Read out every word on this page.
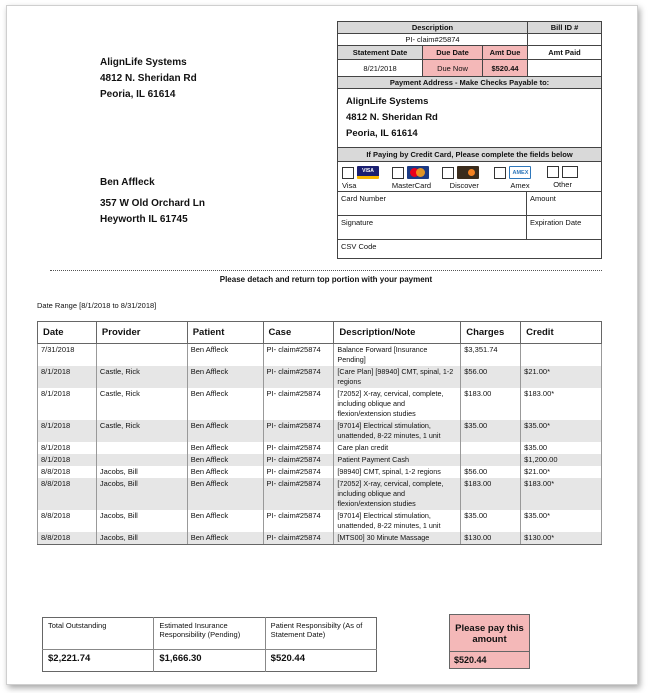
AlignLife Systems
4812 N. Sheridan Rd
Peoria, IL 61614
Ben Affleck
357 W Old Orchard Ln
Heyworth IL 61745
Description	Bill ID #
PI- claim#25874
Statement Date	Due Date	Amt Due	Amt Paid
8/21/2018	Due Now	$520.44
Payment Address - Make Checks Payable to:
AlignLife Systems
4812 N. Sheridan Rd
Peoria, IL 61614
If Paying by Credit Card, Please complete the fields below
VISA
Visa	MasterCard Discover
AMEX
Amex	Other
Card Number	Amount
Signature	Expiration Date
CSV Code
Please detach and return top portion with your payment
Date Range [8/1/2018 to 8/31/2018]
Date	Provider	Patient	Case	Description/Note	Charges	Credit
7/31/2018		Ben Affleck	PI- claim#25874	Balance Forward [Insurance Pending]	$3,351.74	
8/1/2018	Castle, Rick	Ben Affleck	PI- claim#25874	[Care Plan] [98940] CMT, spinal, 1-2 regions	$56.00	$21.00*
8/1/2018	Castle, Rick	Ben Affleck	PI- claim#25874	[72052] X-ray, cervical, complete, including oblique and flexion/extension studies	$183.00	$183.00*
8/1/2018	Castle, Rick	Ben Affleck	PI- claim#25874	[97014] Electrical stimulation, unattended, 8-22 minutes, 1 unit	$35.00	$35.00*
8/1/2018		Ben Affleck	PI- claim#25874	Care plan credit		$35.00
8/1/2018		Ben Affleck	PI- claim#25874	Patient Payment Cash		$1,200.00
8/8/2018	Jacobs, Bill	Ben Affleck	PI- claim#25874	[98940] CMT, spinal, 1-2 regions	$56.00	$21.00*
8/8/2018	Jacobs, Bill	Ben Affleck	PI- claim#25874	[72052] X-ray, cervical, complete, including oblique and flexion/extension studies	$183.00	$183.00*
8/8/2018	Jacobs, Bill	Ben Affleck	PI- claim#25874	[97014] Electrical stimulation, unattended, 8-22 minutes, 1 unit	$35.00	$35.00*
8/8/2018	Jacobs, Bill	Ben Affleck	PI- claim#25874	[MTS00] 30 Minute Massage	$130.00	$130.00*
Total Outstanding	Estimated Insurance Responsibility (Pending)	Patient Responsibilty (As of Statement Date)
$2,221.74	$1,666.30	$520.44
Please pay this amount
$520.44
